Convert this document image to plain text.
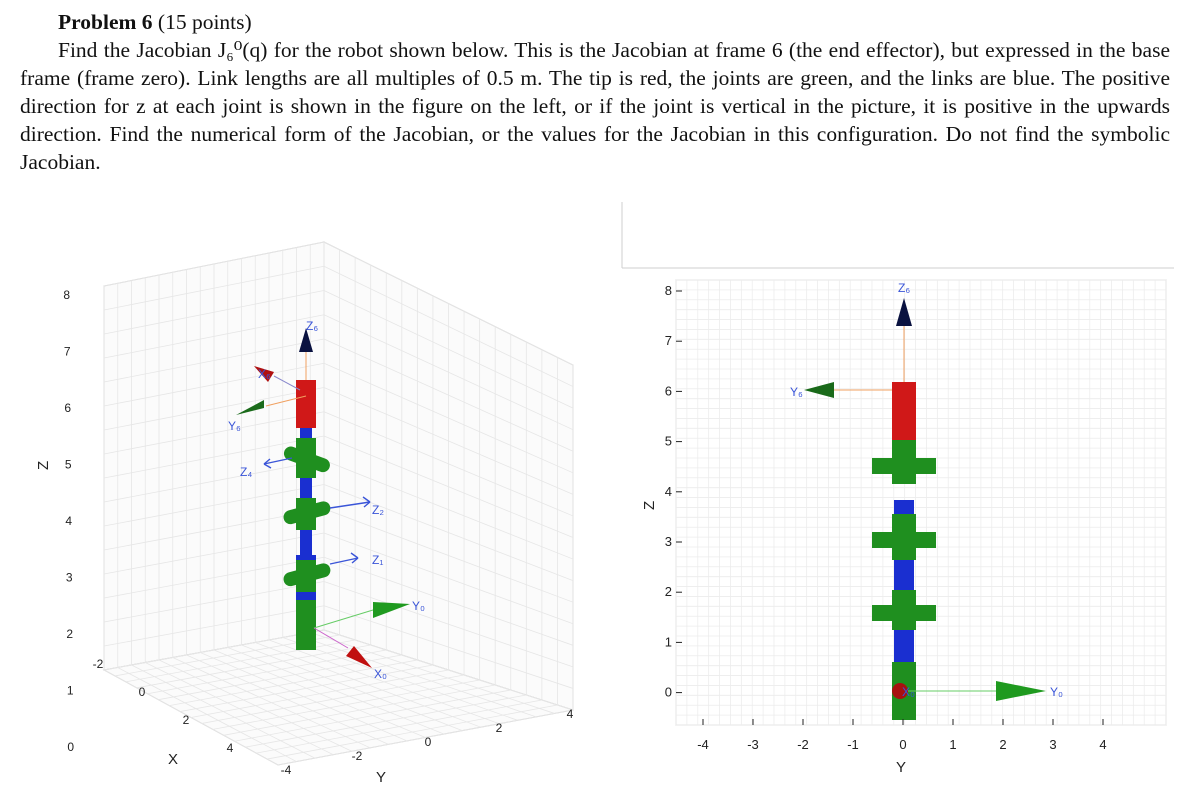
Problem 6 (15 points)
Find the Jacobian J₆⁰(q) for the robot shown below. This is the Jacobian at frame 6 (the end effector), but expressed in the base frame (frame zero). Link lengths are all multiples of 0.5 m. The tip is red, the joints are green, and the links are blue. The positive direction for z at each joint is shown in the figure on the left, or if the joint is vertical in the picture, it is positive in the upwards direction. Find the numerical form of the Jacobian, or the values for the Jacobian in this configuration. Do not find the symbolic Jacobian.
Z₆
X₆
Y₆
Z₄
Z₂
Z₁
Y₀
X₀
8
7
6
5
4
3
2
1
0
-2
0
2
4
-4
-2
0
2
4
Z
X
Y
Z₆
Y₆
Y₀
X₀
8
7
6
5
4
3
2
1
0
-4	-3	-2	-1	0	1	2	3	4
Z
Y
